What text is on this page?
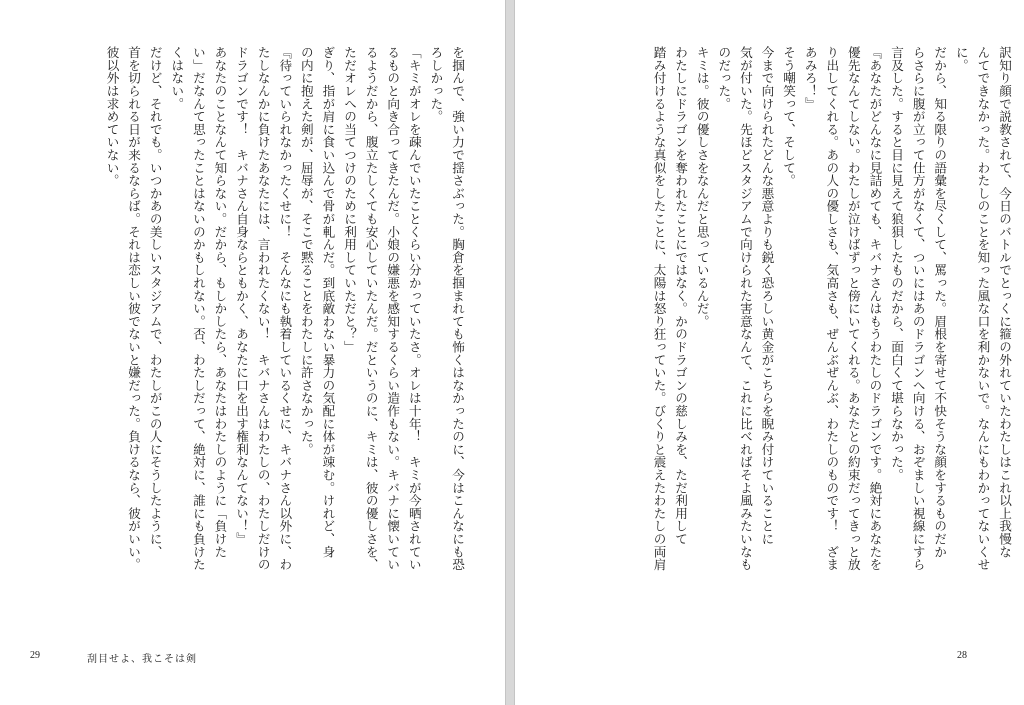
を掴んで、強い力で揺さぶった。胸倉を掴まれても怖くはなかったのに、今はこんなにも恐
ろしかった。
「キミがオレを疎んでいたことくらい分かっていたさ。オレは十年！　キミが今晒されてい
るものと向き合ってきたんだ。小娘の嫌悪を感知するくらい造作もない。キバナに懐いてい
るようだから、腹立たしくても安心していたんだ。だというのに、キミは、彼の優しさを、
ただオレへの当てつけのために利用していただと？」
ぎり、指が肩に食い込んで骨が軋んだ。到底敵わない暴力の気配に体が竦む。けれど、身
の内に抱えた剣が、屈辱が、そこで黙ることをわたしに許さなかった。
『待っていられなかったくせに！　そんなにも執着しているくせに、キバナさん以外に、わ
たしなんかに負けたあなたには、言われたくない！　キバナさんはわたしの、わたしだけの
ドラゴンです！　キバナさん自身ならともかく、あなたに口を出す権利なんてない！』
あなたのことなんて知らない。だから、もしかしたら、あなたはわたしのように「負けた
い」だなんて思ったことはないのかもしれない。否、わたしだって、絶対に、誰にも負けた
くはない。
だけど、それでも。いつかあの美しいスタジアムで、わたしがこの人にそうしたように、
首を切られる日が来るならば。それは恋しい彼でないと嫌だった。負けるなら、彼がいい。
彼以外は求めていない。
29	刮目せよ、我こそは剣
訳知り顔で説教されて、今日のバトルでとっくに箍の外れていたわたしはこれ以上我慢な
んてできなかった。わたしのことを知った風な口を利かないで。なんにもわかってないくせ
に。
だから、知る限りの語彙を尽くして、罵った。眉根を寄せて不快そうな顔をするものだか
らさらに腹が立って仕方がなくて、ついにはあのドラゴンへ向ける、おぞましい視線にすら
言及した。すると目に見えて狼狽したものだから、面白くて堪らなかった。
『あなたがどんなに見詰めても、キバナさんはもうわたしのドラゴンです。絶対にあなたを
優先なんてしない。わたしが泣けばずっと傍にいてくれる。あなたとの約束だってきっと放
り出してくれる。あの人の優しさも、気高さも、ぜんぶぜんぶ、わたしのものです！　ざま
あみろ！』
そう嘲笑って、そして。
今まで向けられたどんな悪意よりも鋭く恐ろしい黄金がこちらを睨み付けていることに
気が付いた。先ほどスタジアムで向けられた害意なんて、これに比べればそよ風みたいなも
のだった。
キミは。彼の優しさをなんだと思っているんだ。
わたしにドラゴンを奪われたことにではなく。かのドラゴンの慈しみを、ただ利用して
踏み付けるような真似をしたことに、太陽は怒り狂っていた。びくりと震えたわたしの両肩
28
